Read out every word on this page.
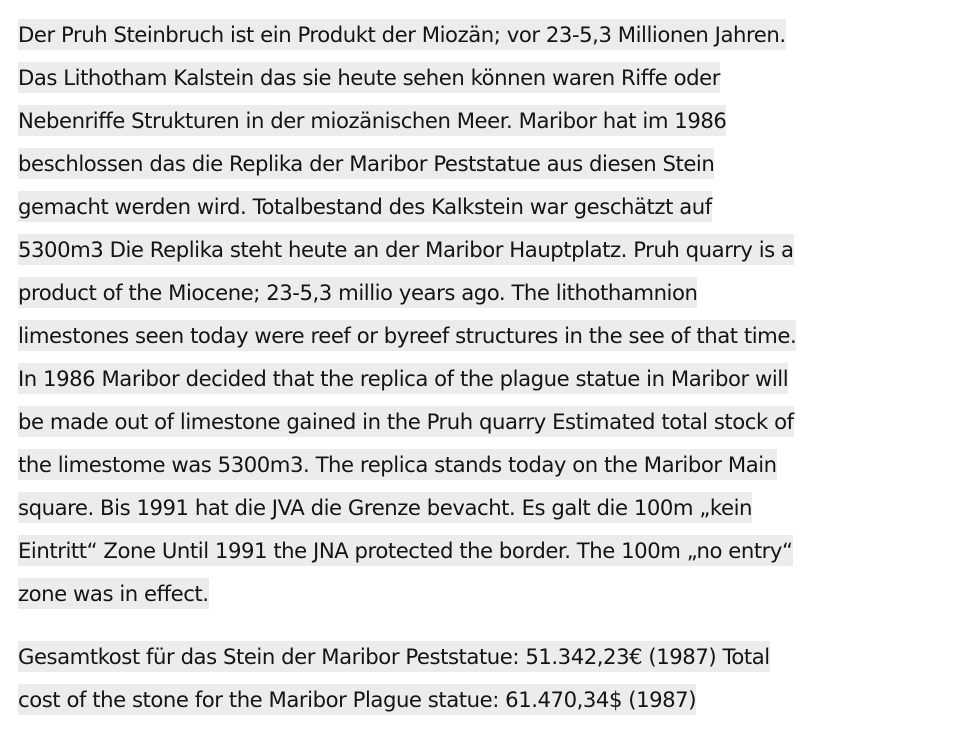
Der Pruh Steinbruch ist ein Produkt der Miozän; vor 23-5,3 Millionen Jahren.
Das Lithotham Kalstein das sie heute sehen können waren Riffe oder
Nebenriffe Strukturen in der miozänischen Meer. Maribor hat im 1986
beschlossen das die Replika der Maribor Peststatue aus diesen Stein
gemacht werden wird. Totalbestand des Kalkstein war geschätzt auf
5300m3 Die Replika steht heute an der Maribor Hauptplatz. Pruh quarry is a
product of the Miocene; 23-5,3 millio years ago. The lithothamnion
limestones seen today were reef or byreef structures in the see of that time.
In 1986 Maribor decided that the replica of the plague statue in Maribor will
be made out of limestone gained in the Pruh quarry Estimated total stock of
the limestome was 5300m3. The replica stands today on the Maribor Main
square. Bis 1991 hat die JVA die Grenze bevacht. Es galt die 100m „kein
Eintritt“ Zone Until 1991 the JNA protected the border. The 100m „no entry“
zone was in effect.
Gesamtkost für das Stein der Maribor Peststatue: 51.342,23€ (1987) Total
cost of the stone for the Maribor Plague statue: 61.470,34$ (1987)
